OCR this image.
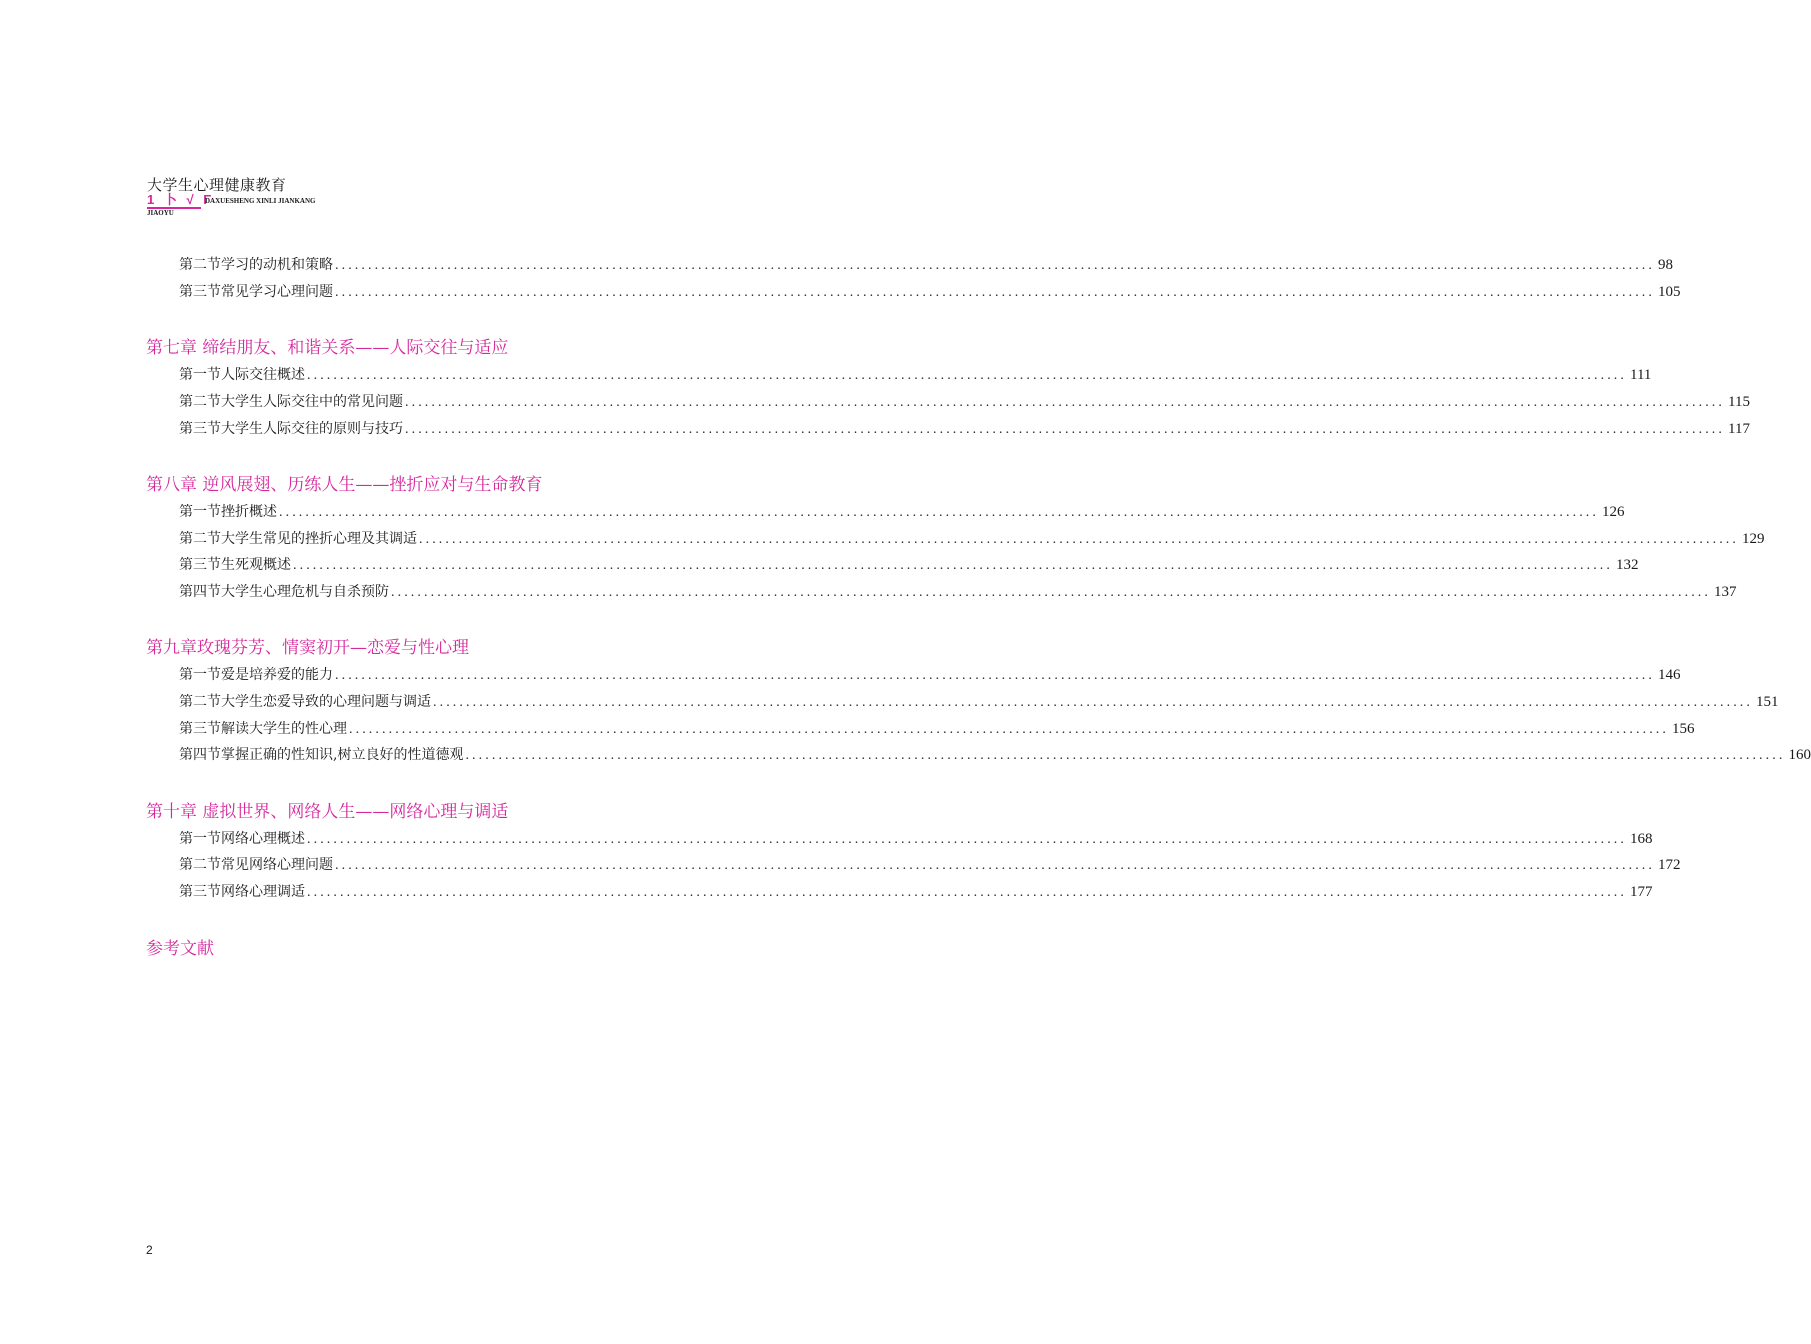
大学生心理健康教育
1 卜 √ Γ
DAXUESHENG XINLI JIANKANG
JIAOYU
第二节学习的动机和策略 ........................................................................................................................................................................................................ 98
第三节常见学习心理问题 ........................................................................................................................................................................................................ 105
第七章 缔结朋友、和谐关系——人际交往与适应
第一节人际交往概述 ........................................................................................................................................................................................................ 111
第二节大学生人际交往中的常见问题 ........................................................................................................................................................................................................ 115
第三节大学生人际交往的原则与技巧 ........................................................................................................................................................................................................ 117
第八章 逆风展翅、历练人生——挫折应对与生命教育
第一节挫折概述 ........................................................................................................................................................................................................ 126
第二节大学生常见的挫折心理及其调适 ........................................................................................................................................................................................................ 129
第三节生死观概述 ........................................................................................................................................................................................................ 132
第四节大学生心理危机与自杀预防 ........................................................................................................................................................................................................ 137
第九章玫瑰芬芳、情窦初开—恋爱与性心理
第一节爱是培养爱的能力 ........................................................................................................................................................................................................ 146
第二节大学生恋爱导致的心理问题与调适 ........................................................................................................................................................................................................ 151
第三节解读大学生的性心理 ........................................................................................................................................................................................................ 156
第四节掌握正确的性知识,树立良好的性道德观 ........................................................................................................................................................................................................ 160
第十章 虚拟世界、网络人生——网络心理与调适
第一节网络心理概述 ........................................................................................................................................................................................................ 168
第二节常见网络心理问题 ........................................................................................................................................................................................................ 172
第三节网络心理调适 ........................................................................................................................................................................................................ 177
参考文献
2
